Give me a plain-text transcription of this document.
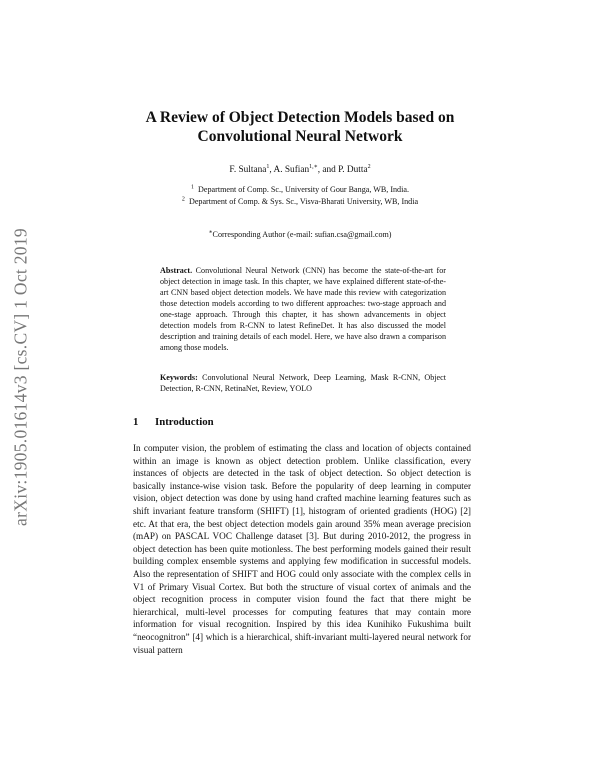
arXiv:1905.01614v3 [cs.CV] 1 Oct 2019
A Review of Object Detection Models based on
Convolutional Neural Network
F. Sultana$^1$, A. Sufian$^{1,∗}$, and P. Dutta$^2$
$^1$ Department of Comp. Sc., University of Gour Banga, WB, India.
$^2$ Department of Comp. & Sys. Sc., Visva-Bharati University, WB, India
∗Corresponding Author (e-mail: sufian.csa@gmail.com)

Abstract. Convolutional Neural Network (CNN) has become the state-of-the-art for object detection in image task. In this chapter, we have explained different state-of-the-art CNN based object detection models. We have made this review with categorization those detection models according to two different approaches: two-stage approach and one-stage approach. Through this chapter, it has shown advancements in object detection models from R-CNN to latest RefineDet. It has also discussed the model description and training details of each model. Here, we have also drawn a comparison among those models.

Keywords: Convolutional Neural Network, Deep Learning, Mask R-CNN, Object Detection, R-CNN, RetinaNet, Review, YOLO

1 Introduction

In computer vision, the problem of estimating the class and location of objects contained within an image is known as object detection problem. Unlike classification, every instances of objects are detected in the task of object detection. So object detection is basically instance-wise vision task. Before the popularity of deep learning in computer vision, object detection was done by using hand crafted machine learning features such as shift invariant feature transform (SHIFT) [1], histogram of oriented gradients (HOG) [2] etc. At that era, the best object detection models gain around 35% mean average precision (mAP) on PASCAL VOC Challenge dataset [3]. But during 2010-2012, the progress in object detection has been quite motionless. The best performing models gained their result building complex ensemble systems and applying few modification in successful models. Also the representation of SHIFT and HOG could only associate with the complex cells in V1 of Primary Visual Cortex. But both the structure of visual cortex of animals and the object recognition process in computer vision found the fact that there might be hierarchical, multi-level processes for computing features that may contain more information for visual recognition. Inspired by this idea Kunihiko Fukushima built “neocognitron” [4] which is a hierarchical, shift-invariant multi-layered neural network for visual pattern
